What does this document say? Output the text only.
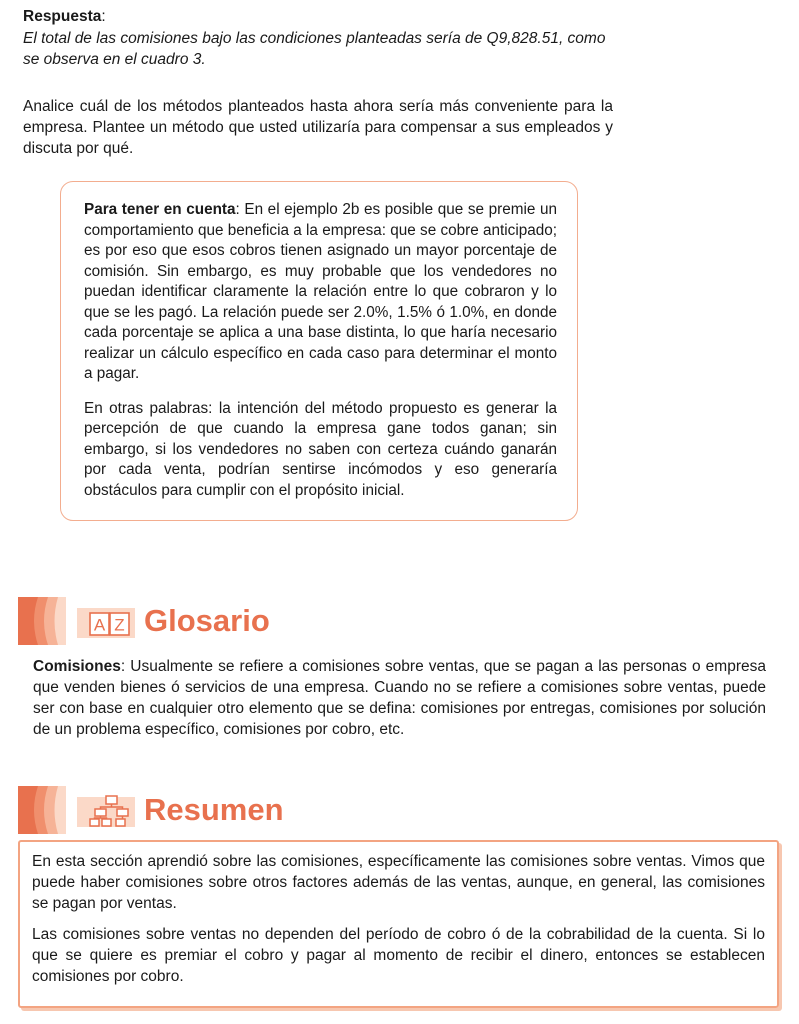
Respuesta:
El total de las comisiones bajo las condiciones planteadas sería de Q9,828.51, como se observa en el cuadro 3.
Analice cuál de los métodos planteados hasta ahora sería más conveniente para la empresa. Plantee un método que usted utilizaría para compensar a sus empleados y discuta por qué.

Para tener en cuenta: En el ejemplo 2b es posible que se premie un comportamiento que beneficia a la empresa: que se cobre anticipado; es por eso que esos cobros tienen asignado un mayor porcentaje de comisión. Sin embargo, es muy probable que los vendedores no puedan identificar claramente la relación entre lo que cobraron y lo que se les pagó. La relación puede ser 2.0%, 1.5% ó 1.0%, en donde cada porcentaje se aplica a una base distinta, lo que haría necesario realizar un cálculo específico en cada caso para determinar el monto a pagar.

En otras palabras: la intención del método propuesto es generar la percepción de que cuando la empresa gane todos ganan; sin embargo, si los vendedores no saben con certeza cuándo ganarán por cada venta, podrían sentirse incómodos y eso generaría obstáculos para cumplir con el propósito inicial.

A Z Glosario
Comisiones: Usualmente se refiere a comisiones sobre ventas, que se pagan a las personas o empresa que venden bienes ó servicios de una empresa. Cuando no se refiere a comisiones sobre ventas, puede ser con base en cualquier otro elemento que se defina: comisiones por entregas, comisiones por solución de un problema específico, comisiones por cobro, etc.
Resumen

En esta sección aprendió sobre las comisiones, específicamente las comisiones sobre ventas. Vimos que puede haber comisiones sobre otros factores además de las ventas, aunque, en general, las comisiones se pagan por ventas.

Las comisiones sobre ventas no dependen del período de cobro ó de la cobrabilidad de la cuenta. Si lo que se quiere es premiar el cobro y pagar al momento de recibir el dinero, entonces se establecen comisiones por cobro.
